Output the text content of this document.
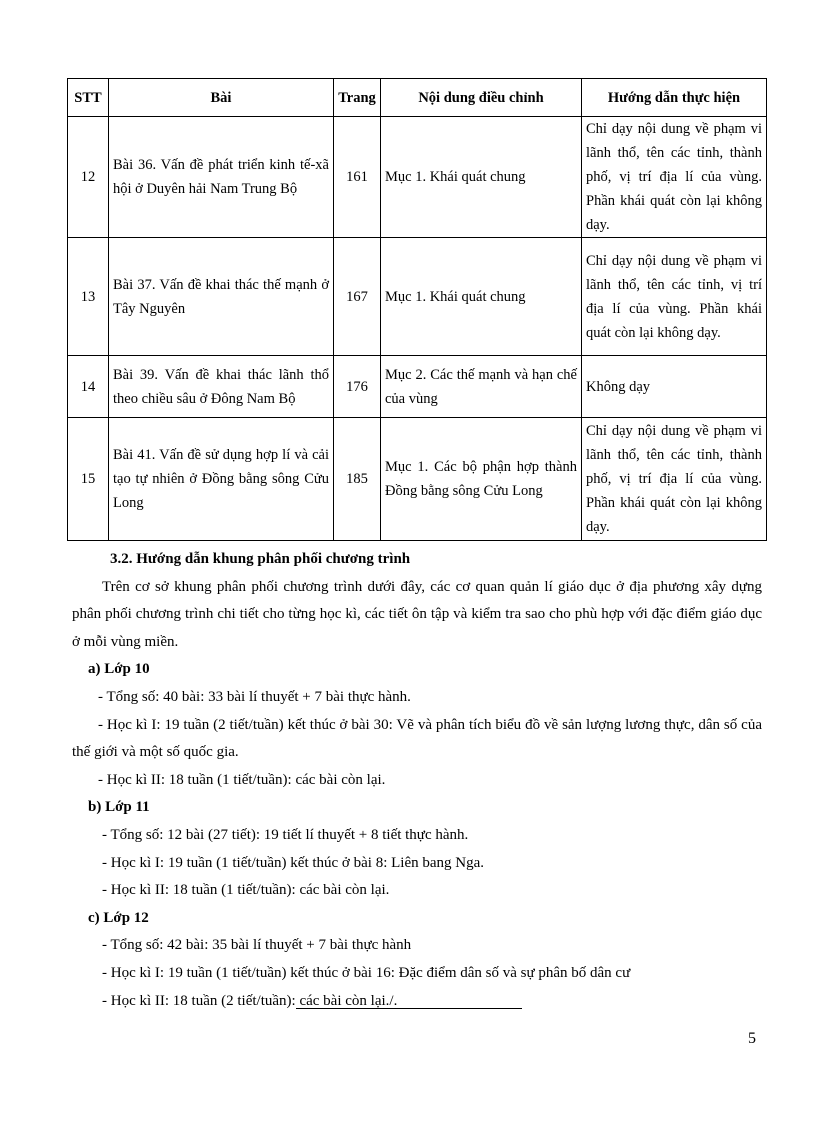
STT	Bài	Trang	Nội dung điều chỉnh	Hướng dẫn thực hiện
12	Bài 36. Vấn đề phát triển kinh tế-xã hội ở Duyên hải Nam Trung Bộ	161	Mục 1. Khái quát chung	Chỉ dạy nội dung về phạm vi lãnh thổ, tên các tỉnh, thành phố, vị trí địa lí của vùng. Phần khái quát còn lại không dạy.
13	Bài 37. Vấn đề khai thác thế mạnh ở Tây Nguyên	167	Mục 1. Khái quát chung	Chỉ dạy nội dung về phạm vi lãnh thổ, tên các tỉnh, vị trí địa lí của vùng. Phần khái quát còn lại không dạy.
14	Bài 39. Vấn đề khai thác lãnh thổ theo chiều sâu ở Đông Nam Bộ	176	Mục 2. Các thế mạnh và hạn chế của vùng	Không dạy
15	Bài 41. Vấn đề sử dụng hợp lí và cải tạo tự nhiên ở Đồng bằng sông Cửu Long	185	Mục 1. Các bộ phận hợp thành Đồng bằng sông Cửu Long	Chỉ dạy nội dung về phạm vi lãnh thổ, tên các tỉnh, thành phố, vị trí địa lí của vùng. Phần khái quát còn lại không dạy.

3.2. Hướng dẫn khung phân phối chương trình

Trên cơ sở khung phân phối chương trình dưới đây, các cơ quan quản lí giáo dục ở địa phương xây dựng phân phối chương trình chi tiết cho từng học kì, các tiết ôn tập và kiểm tra sao cho phù hợp với đặc điểm giáo dục ở mỗi vùng miền.

a) Lớp 10

- Tổng số: 40 bài: 33 bài lí thuyết + 7 bài thực hành.

- Học kì I: 19 tuần (2 tiết/tuần) kết thúc ở bài 30: Vẽ và phân tích biểu đồ về sản lượng lương thực, dân số của thế giới và một số quốc gia.

- Học kì II: 18 tuần (1 tiết/tuần): các bài còn lại.

b) Lớp 11

- Tổng số: 12 bài (27 tiết): 19 tiết lí thuyết + 8 tiết thực hành.

- Học kì I: 19 tuần (1 tiết/tuần) kết thúc ở bài 8: Liên bang Nga.

- Học kì II: 18 tuần (1 tiết/tuần): các bài còn lại.

c) Lớp 12

- Tổng số: 42 bài: 35 bài lí thuyết + 7 bài thực hành

- Học kì I: 19 tuần (1 tiết/tuần) kết thúc ở bài 16: Đặc điểm dân số và sự phân bố dân cư

- Học kì II: 18 tuần (2 tiết/tuần): các bài còn lại./.

5
